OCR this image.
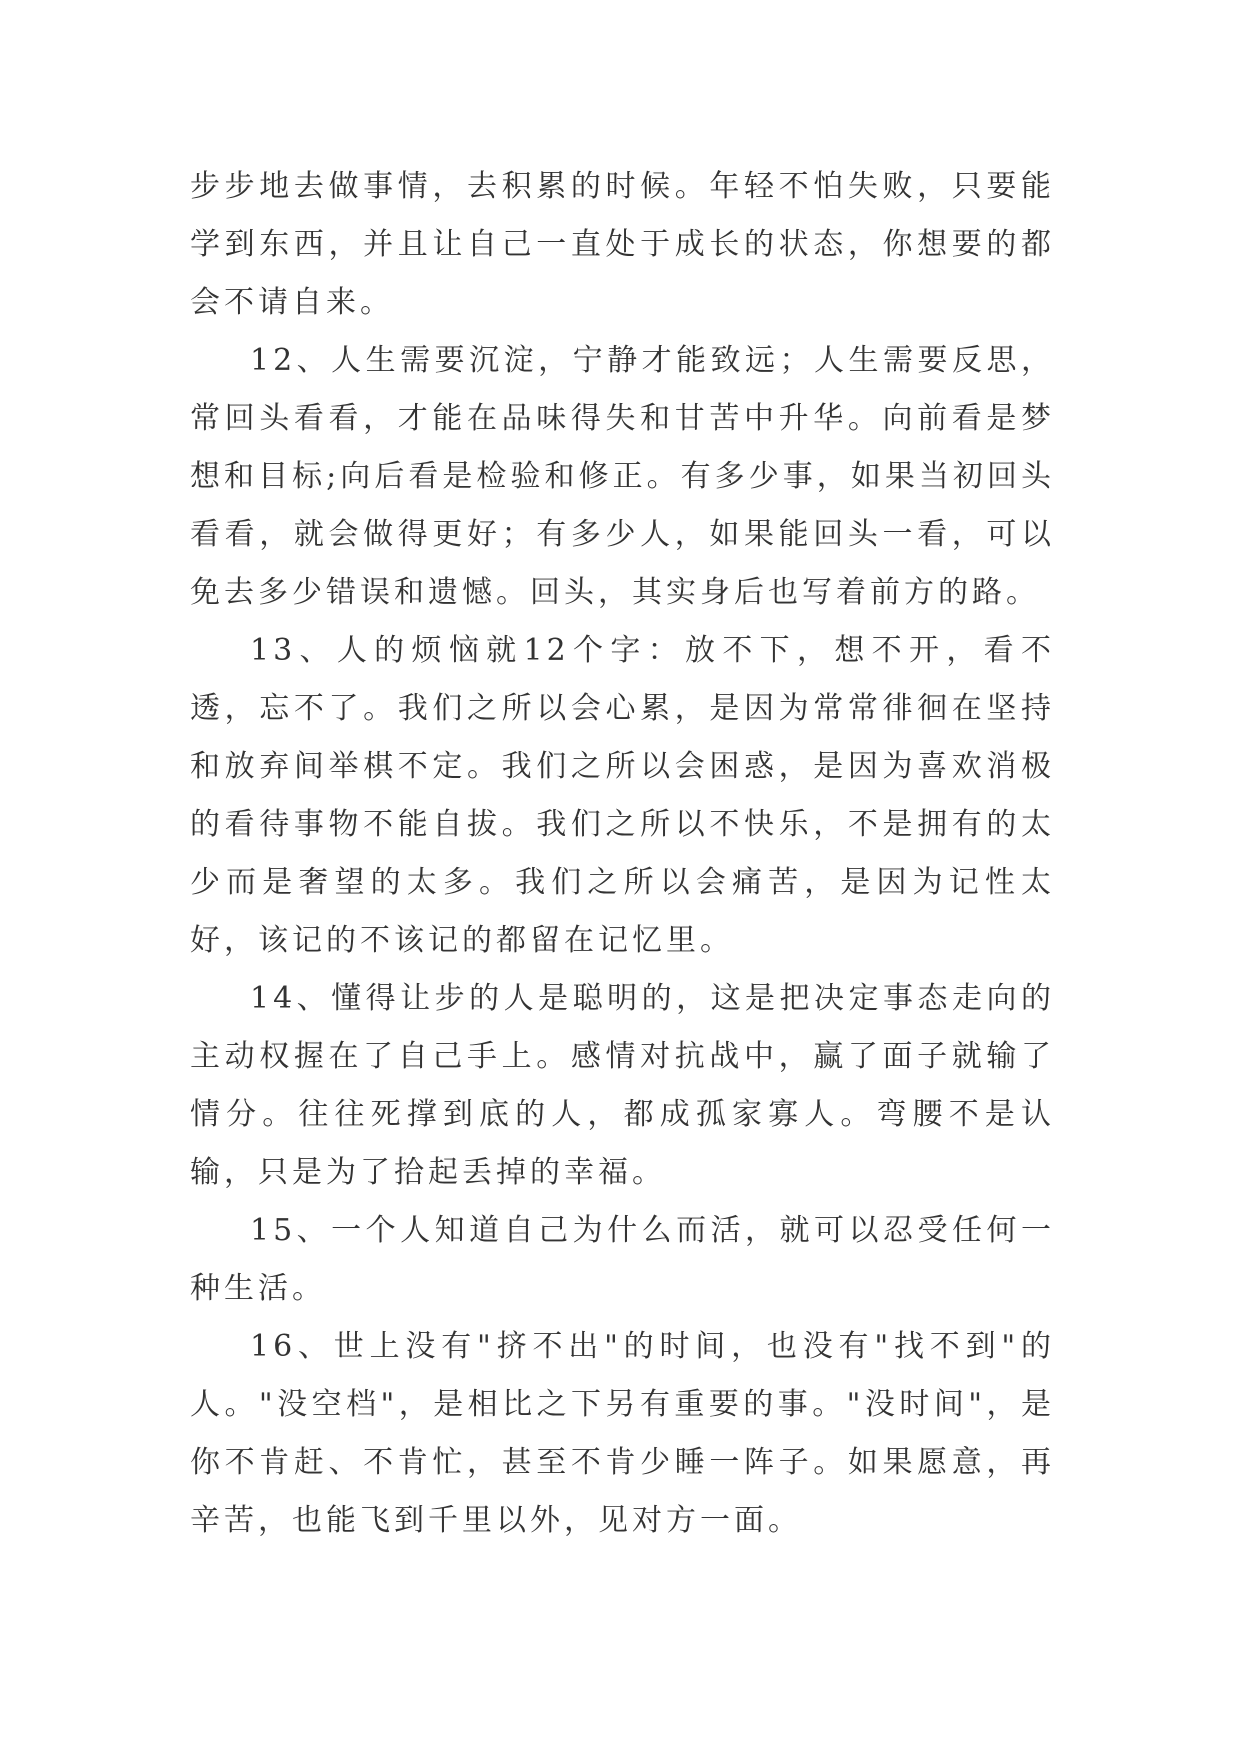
步步地去做事情，去积累的时候。年轻不怕失败，只要能学到东西，并且让自己一直处于成长的状态，你想要的都会不请自来。

12、人生需要沉淀，宁静才能致远；人生需要反思，常回头看看，才能在品味得失和甘苦中升华。向前看是梦想和目标;向后看是检验和修正。有多少事，如果当初回头看看，就会做得更好；有多少人，如果能回头一看，可以免去多少错误和遗憾。回头，其实身后也写着前方的路。

13、人的烦恼就12个字：放不下，想不开，看不透，忘不了。我们之所以会心累，是因为常常徘徊在坚持和放弃间举棋不定。我们之所以会困惑，是因为喜欢消极的看待事物不能自拔。我们之所以不快乐，不是拥有的太少而是奢望的太多。我们之所以会痛苦，是因为记性太好，该记的不该记的都留在记忆里。

14、懂得让步的人是聪明的，这是把决定事态走向的主动权握在了自己手上。感情对抗战中，赢了面子就输了情分。往往死撑到底的人，都成孤家寡人。弯腰不是认输，只是为了拾起丢掉的幸福。

15、一个人知道自己为什么而活，就可以忍受任何一种生活。

16、世上没有"挤不出"的时间，也没有"找不到"的人。"没空档"，是相比之下另有重要的事。"没时间"，是你不肯赶、不肯忙，甚至不肯少睡一阵子。如果愿意，再辛苦，也能飞到千里以外，见对方一面。
